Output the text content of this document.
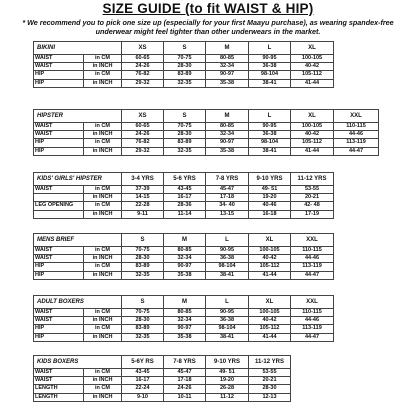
SIZE GUIDE (to fit WAIST & HIP)
* We recommend you to pick one size up (especially for your first Maayu purchase), as wearing spandex-free underwear might feel tighter than other underwears in the market.
BIKINI		XS	S	M	L	XL
WAIST	in CM	60-65	70-75	80-85	90-95	100-105
WAIST	in INCH	24-26	28-30	32-34	36-38	40-42
HIP	in CM	76-82	83-89	90-97	98-104	105-112
HIP	in INCH	29-32	32-35	35-38	38-41	41-44
HIPSTER		XS	S	M	L	XL	XXL
WAIST	in CM	60-65	70-75	80-85	90-95	100-105	110-115
WAIST	in INCH	24-26	28-30	32-34	36-38	40-42	44-46
HIP	in CM	76-82	83-89	90-97	98-104	105-112	113-119
HIP	in INCH	29-32	32-35	35-38	38-41	41-44	44-47
KIDS' GIRLS' HIPSTER		3-4 YRS	5-6 YRS	7-8 YRS	9-10 YRS	11-12 YRS
WAIST	in CM	37-39	43-45	45-47	49- 51	53-55
	in INCH	14-15	16-17	17-18	19-20	20-21
LEG OPENING	in CM	22-28	28-36	34- 40	40-46	42- 48
	in INCH	9-11	11-14	13-15	16-18	17-19
MENS BRIEF		S	M	L	XL	XXL
WAIST	in CM	70-75	80-85	90-95	100-105	110-115
WAIST	in INCH	28-30	32-34	36-38	40-42	44-46
HIP	in CM	83-89	90-97	98-104	105-112	113-119
HIP	in INCH	32-35	35-38	38-41	41-44	44-47
ADULT BOXERS		S	M	L	XL	XXL
WAIST	in CM	70-75	80-85	90-95	100-105	110-115
WAIST	in INCH	28-30	32-34	36-38	40-42	44-46
HIP	in CM	83-89	90-97	98-104	105-112	113-119
HIP	in INCH	32-35	35-38	38-41	41-44	44-47
KIDS BOXERS		5-6Y RS	7-8 YRS	9-10 YRS	11-12 YRS
WAIST	in CM	43-45	45-47	49- 51	53-55
WAIST	in INCH	16-17	17-18	19-20	20-21
LENGTH	in CM	22-24	24-26	26-28	28-30
LENGTH	in INCH	9-10	10-11	11-12	12-13
